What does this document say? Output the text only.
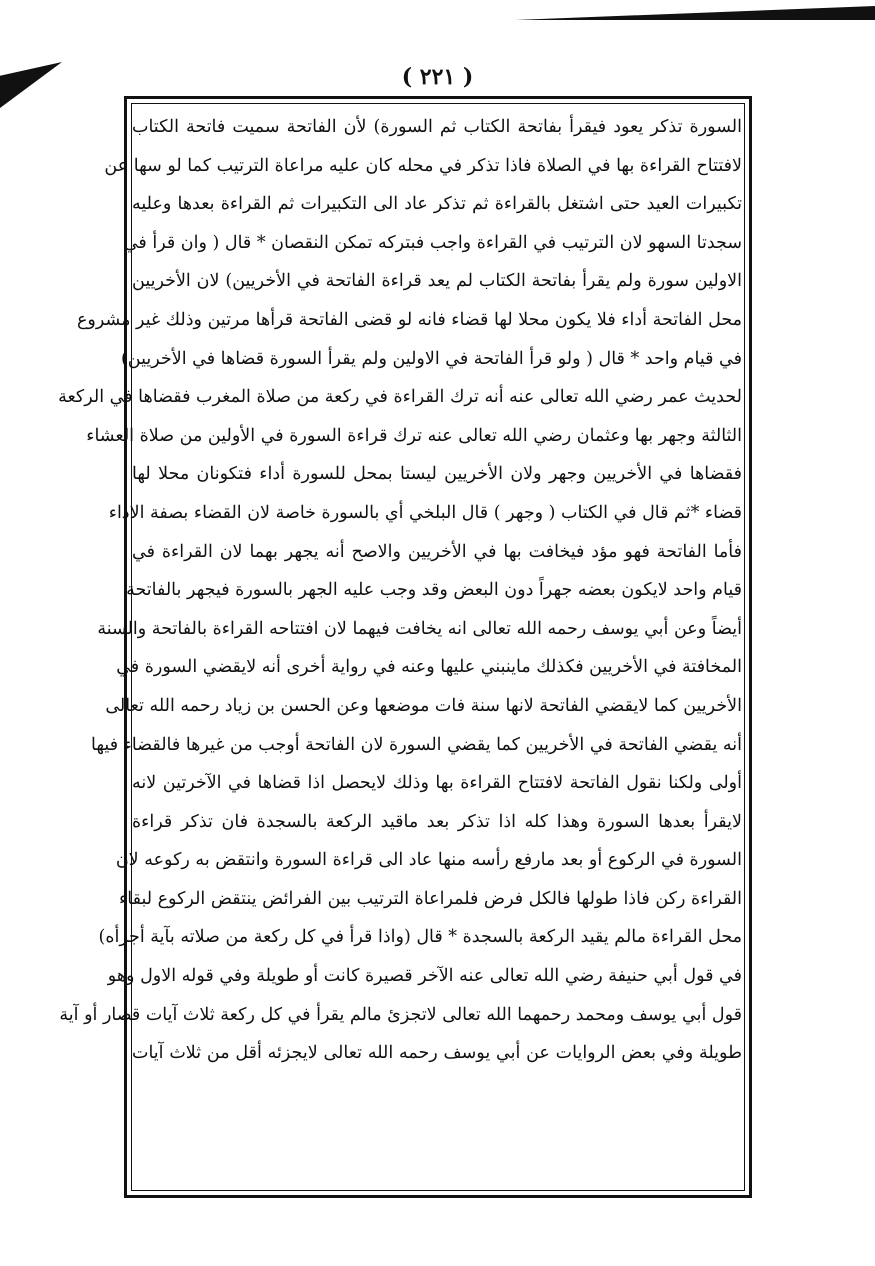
( ٢٢١ )
السورة تذكر يعود فيقرأ بفاتحة الكتاب ثم السورة) لأن الفاتحة سميت فاتحة الكتاب
لافتتاح القراءة بها في الصلاة فاذا تذكر في محله كان عليه مراعاة الترتيب كما لو سها عن
تكبيرات العيد حتى اشتغل بالقراءة ثم تذكر عاد الى التكبيرات ثم القراءة بعدها وعليه
سجدتا السهو لان الترتيب في القراءة واجب فبتركه تمكن النقصان * قال ( وان قرأ في
الاولين سورة ولم يقرأ بفاتحة الكتاب لم يعد قراءة الفاتحة في الأخريين) لان الأخريين
محل الفاتحة أداء فلا يكون محلا لها قضاء فانه لو قضى الفاتحة قرأها مرتين وذلك غير مشروع
في قيام واحد * قال ( ولو قرأ الفاتحة في الاولين ولم يقرأ السورة قضاها في الأخريين)
لحديث عمر رضي الله تعالى عنه أنه ترك القراءة في ركعة من صلاة المغرب فقضاها في الركعة
الثالثة وجهر بها وعثمان رضي الله تعالى عنه ترك قراءة السورة في الأولين من صلاة العشاء
فقضاها في الأخريين وجهر ولان الأخريين ليستا بمحل للسورة أداء فتكونان محلا لها
قضاء *ثم قال في الكتاب ( وجهر ) قال البلخي أي بالسورة خاصة لان القضاء بصفة الاداء
فأما الفاتحة فهو مؤد فيخافت بها في الأخريين والاصح أنه يجهر بهما لان القراءة في
قيام واحد لايكون بعضه جهراً دون البعض وقد وجب عليه الجهر بالسورة فيجهر بالفاتحة
أيضاً وعن أبي يوسف رحمه الله تعالى انه يخافت فيهما لان افتتاحه القراءة بالفاتحة والسنة
المخافتة في الأخريين فكذلك ماينبني عليها وعنه في رواية أخرى أنه لايقضي السورة في
الأخريين كما لايقضي الفاتحة لانها سنة فات موضعها وعن الحسن بن زياد رحمه الله تعالى
أنه يقضي الفاتحة في الأخريين كما يقضي السورة لان الفاتحة أوجب من غيرها فالقضاء فيها
أولى ولكنا نقول الفاتحة لافتتاح القراءة بها وذلك لايحصل اذا قضاها في الآخرتين لانه
لايقرأ بعدها السورة وهذا كله اذا تذكر بعد ماقيد الركعة بالسجدة فان تذكر قراءة
السورة في الركوع أو بعد مارفع رأسه منها عاد الى قراءة السورة وانتقض به ركوعه لان
القراءة ركن فاذا طولها فالكل فرض فلمراعاة الترتيب بين الفرائض ينتقض الركوع لبقاء
محل القراءة مالم يقيد الركعة بالسجدة * قال (واذا قرأ في كل ركعة من صلاته بآية أجزأه)
في قول أبي حنيفة رضي الله تعالى عنه الآخر قصيرة كانت أو طويلة وفي قوله الاول وهو
قول أبي يوسف ومحمد رحمهما الله تعالى لاتجزئ مالم يقرأ في كل ركعة ثلاث آيات قصار أو آية
طويلة وفي بعض الروايات عن أبي يوسف رحمه الله تعالى لايجزئه أقل من ثلاث آيات
